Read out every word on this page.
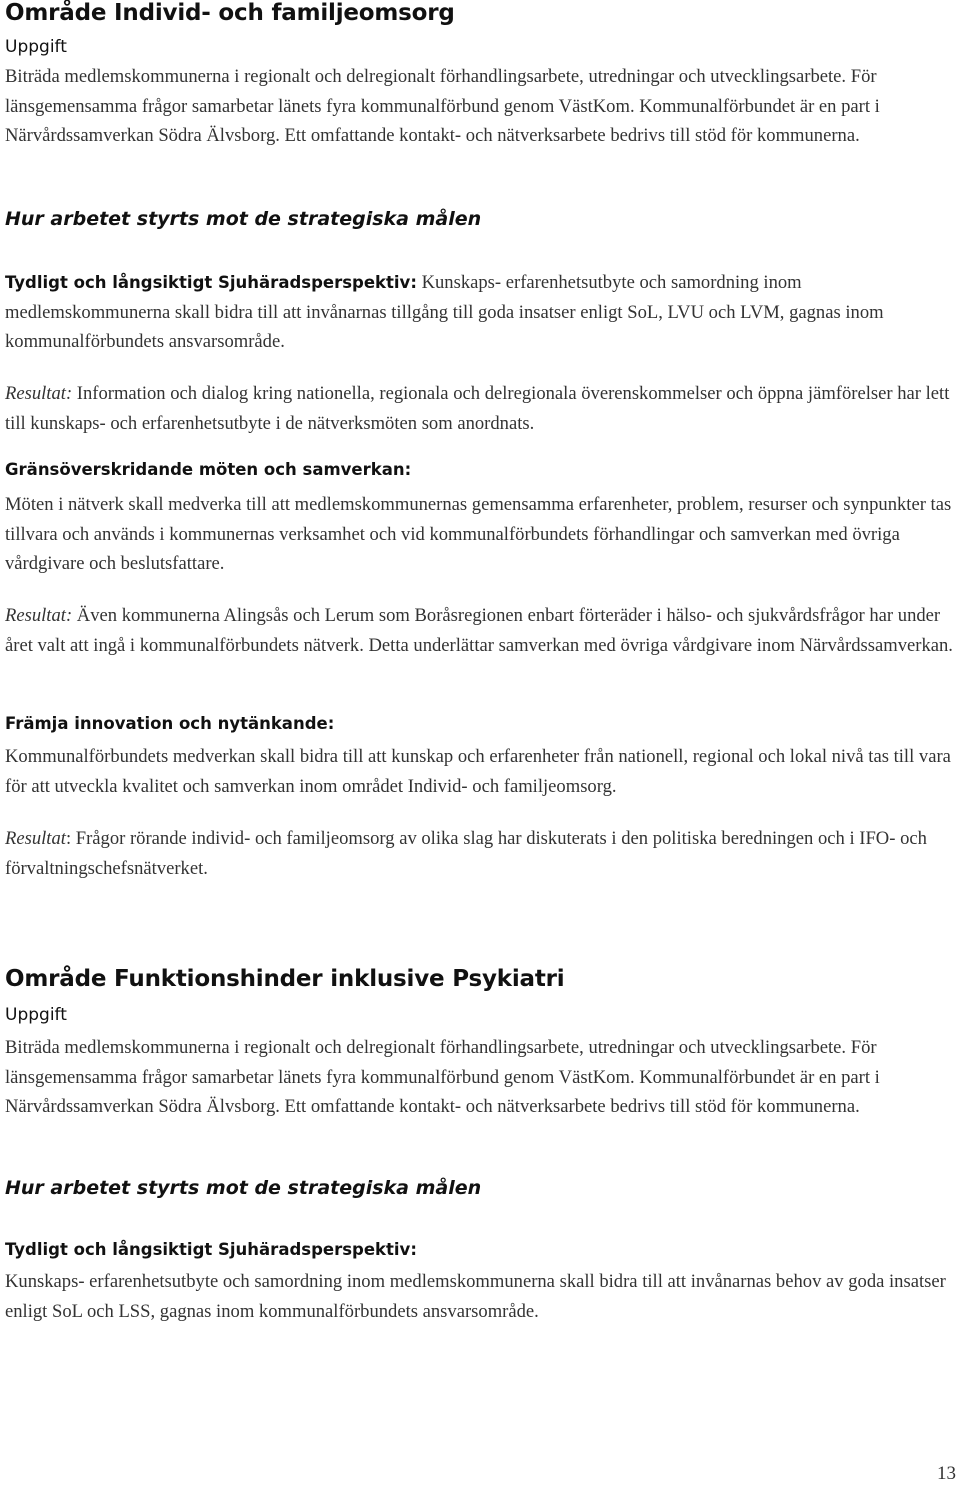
Område Individ- och familjeomsorg
Uppgift

Biträda medlemskommunerna i regionalt och delregionalt förhandlingsarbete, utredningar och utvecklingsarbete. För länsgemensamma frågor samarbetar länets fyra kommunalförbund genom VästKom. Kommunalförbundet är en part i Närvårdssamverkan Södra Älvsborg. Ett omfattande kontakt- och nätverksarbete bedrivs till stöd för kommunerna.

Hur arbetet styrts mot de strategiska målen

Tydligt och långsiktigt Sjuhäradsperspektiv: Kunskaps- erfarenhetsutbyte och samordning inom medlemskommunerna skall bidra till att invånarnas tillgång till goda insatser enligt SoL, LVU och LVM, gagnas inom kommunalförbundets ansvarsområde.

Resultat: Information och dialog kring nationella, regionala och delregionala överenskommelser och öppna jämförelser har lett till kunskaps- och erfarenhetsutbyte i de nätverksmöten som anordnats.

Gränsöverskridande möten och samverkan:

Möten i nätverk skall medverka till att medlemskommunernas gemensamma erfarenheter, problem, resurser och synpunkter tas tillvara och används i kommunernas verksamhet och vid kommunalförbundets förhandlingar och samverkan med övriga vårdgivare och beslutsfattare.

Resultat: Även kommunerna Alingsås och Lerum som Boråsregionen enbart förteräder i hälso- och sjukvårdsfrågor har under året valt att ingå i kommunalförbundets nätverk. Detta underlättar samverkan med övriga vårdgivare inom Närvårdssamverkan.

Främja innovation och nytänkande:

Kommunalförbundets medverkan skall bidra till att kunskap och erfarenheter från nationell, regional och lokal nivå tas till vara för att utveckla kvalitet och samverkan inom området Individ- och familjeomsorg.

Resultat: Frågor rörande individ- och familjeomsorg av olika slag har diskuterats i den politiska beredningen och i IFO- och förvaltningschefsnätverket.

Område Funktionshinder inklusive Psykiatri
Uppgift

Biträda medlemskommunerna i regionalt och delregionalt förhandlingsarbete, utredningar och utvecklingsarbete. För länsgemensamma frågor samarbetar länets fyra kommunalförbund genom VästKom. Kommunalförbundet är en part i Närvårdssamverkan Södra Älvsborg. Ett omfattande kontakt- och nätverksarbete bedrivs till stöd för kommunerna.

Hur arbetet styrts mot de strategiska målen
Tydligt och långsiktigt Sjuhäradsperspektiv:

Kunskaps- erfarenhetsutbyte och samordning inom medlemskommunerna skall bidra till att invånarnas behov av goda insatser enligt SoL och LSS, gagnas inom kommunalförbundets ansvarsområde.

13
